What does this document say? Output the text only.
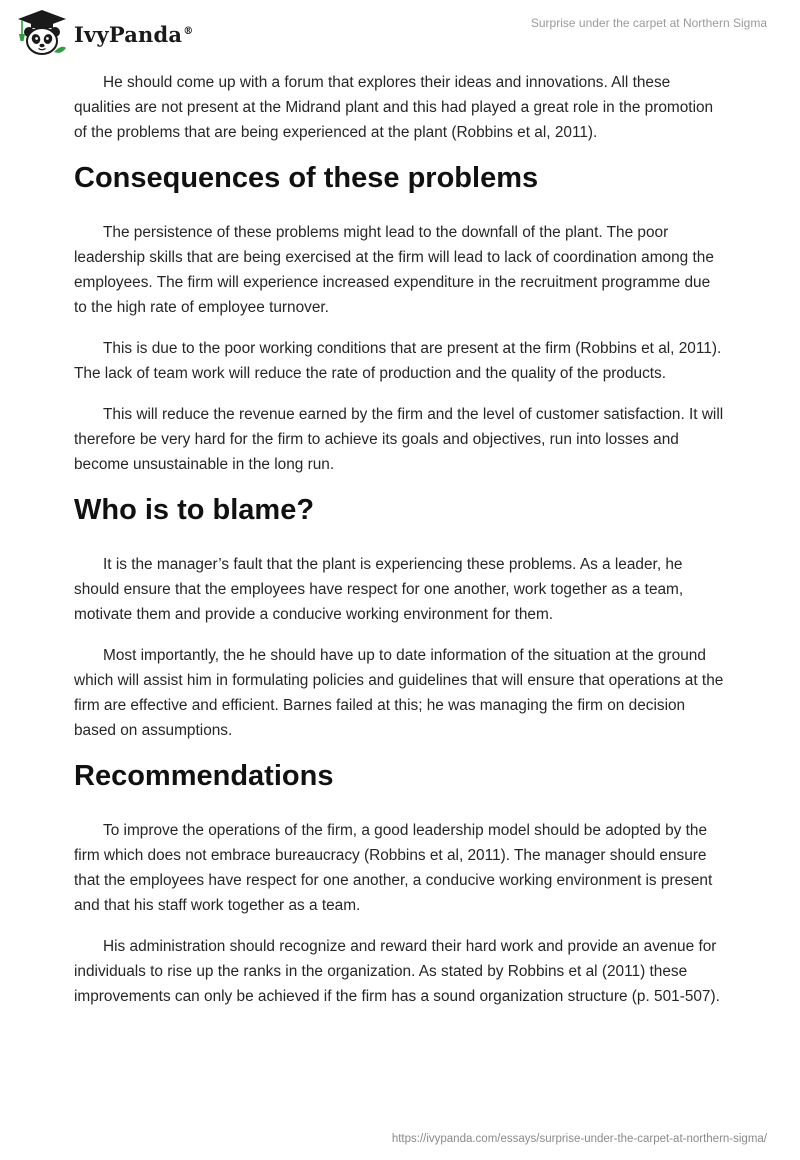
IvyPanda®
Surprise under the carpet at Northern Sigma

He should come up with a forum that explores their ideas and innovations. All these qualities are not present at the Midrand plant and this had played a great role in the promotion of the problems that are being experienced at the plant (Robbins et al, 2011).

Consequences of these problems

The persistence of these problems might lead to the downfall of the plant. The poor leadership skills that are being exercised at the firm will lead to lack of coordination among the employees. The firm will experience increased expenditure in the recruitment programme due to the high rate of employee turnover.

This is due to the poor working conditions that are present at the firm (Robbins et al, 2011). The lack of team work will reduce the rate of production and the quality of the products.

This will reduce the revenue earned by the firm and the level of customer satisfaction. It will therefore be very hard for the firm to achieve its goals and objectives, run into losses and become unsustainable in the long run.

Who is to blame?

It is the manager’s fault that the plant is experiencing these problems. As a leader, he should ensure that the employees have respect for one another, work together as a team, motivate them and provide a conducive working environment for them.

Most importantly, the he should have up to date information of the situation at the ground which will assist him in formulating policies and guidelines that will ensure that operations at the firm are effective and efficient. Barnes failed at this; he was managing the firm on decision based on assumptions.

Recommendations

To improve the operations of the firm, a good leadership model should be adopted by the firm which does not embrace bureaucracy (Robbins et al, 2011). The manager should ensure that the employees have respect for one another, a conducive working environment is present and that his staff work together as a team.

His administration should recognize and reward their hard work and provide an avenue for individuals to rise up the ranks in the organization. As stated by Robbins et al (2011) these improvements can only be achieved if the firm has a sound organization structure (p. 501-507).

https://ivypanda.com/essays/surprise-under-the-carpet-at-northern-sigma/
